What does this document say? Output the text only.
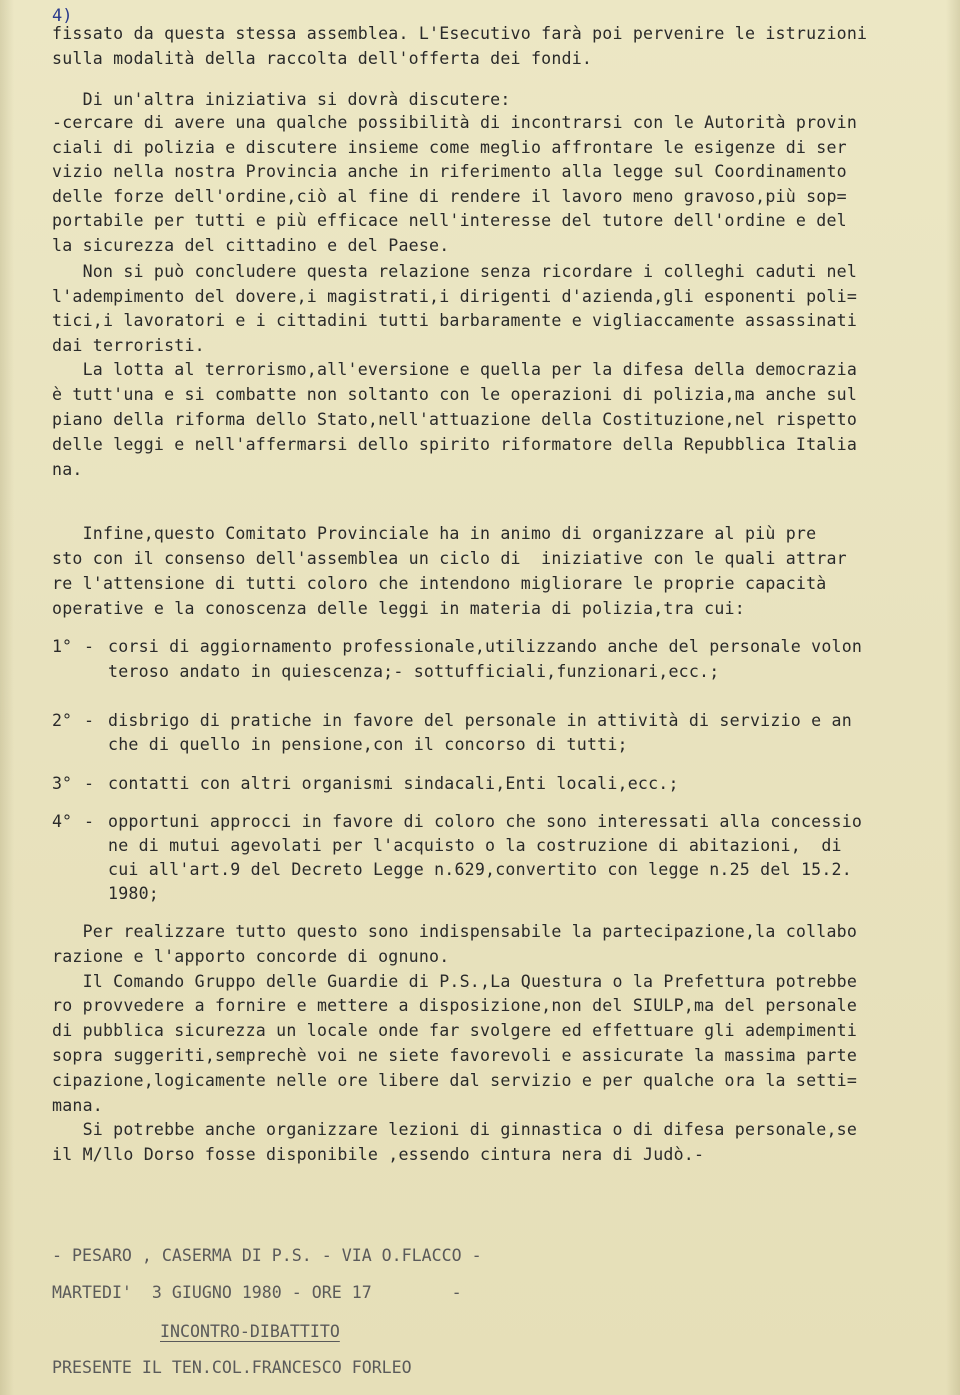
4)
fissato da questa stessa assemblea. L'Esecutivo farà poi pervenire le istruzioni
sulla modalità della raccolta dell'offerta dei fondi.
Di un'altra iniziativa si dovrà discutere:
-cercare di avere una qualche possibilità di incontrarsi con le Autorità provin
ciali di polizia e discutere insieme come meglio affrontare le esigenze di ser
vizio nella nostra Provincia anche in riferimento alla legge sul Coordinamento
delle forze dell'ordine,ciò al fine di rendere il lavoro meno gravoso,più sop=
portabile per tutti e più efficace nell'interesse del tutore dell'ordine e del
la sicurezza del cittadino e del Paese.
Non si può concludere questa relazione senza ricordare i colleghi caduti nel
l'adempimento del dovere,i magistrati,i dirigenti d'azienda,gli esponenti poli=
tici,i lavoratori e i cittadini tutti barbaramente e vigliaccamente assassinati
dai terroristi.
La lotta al terrorismo,all'eversione e quella per la difesa della democrazia
è tutt'una e si combatte non soltanto con le operazioni di polizia,ma anche sul
piano della riforma dello Stato,nell'attuazione della Costituzione,nel rispetto
delle leggi e nell'affermarsi dello spirito riformatore della Repubblica Italia
na.
Infine,questo Comitato Provinciale ha in animo di organizzare al più pre
sto con il consenso dell'assemblea un ciclo di  iniziative con le quali attrar
re l'attensione di tutti coloro che intendono migliorare le proprie capacità
operative e la conoscenza delle leggi in materia di polizia,tra cui:
1° - corsi di aggiornamento professionale,utilizzando anche del personale volon
teroso andato in quiescenza;- sottufficiali,funzionari,ecc.;
2° - disbrigo di pratiche in favore del personale in attività di servizio e an
che di quello in pensione,con il concorso di tutti;
3° - contatti con altri organismi sindacali,Enti locali,ecc.;
4° - opportuni approcci in favore di coloro che sono interessati alla concessio
ne di mutui agevolati per l'acquisto o la costruzione di abitazioni,  di
cui all'art.9 del Decreto Legge n.629,convertito con legge n.25 del 15.2.
1980;
Per realizzare tutto questo sono indispensabile la partecipazione,la collabo
razione e l'apporto concorde di ognuno.
Il Comando Gruppo delle Guardie di P.S.,La Questura o la Prefettura potrebbe
ro provvedere a fornire e mettere a disposizione,non del SIULP,ma del personale
di pubblica sicurezza un locale onde far svolgere ed effettuare gli adempimenti
sopra suggeriti,semprechè voi ne siete favorevoli e assicurate la massima parte
cipazione,logicamente nelle ore libere dal servizio e per qualche ora la setti=
mana.
Si potrebbe anche organizzare lezioni di ginnastica o di difesa personale,se
il M/llo Dorso fosse disponibile ,essendo cintura nera di Judò.-
- PESARO , CASERMA DI P.S. - VIA O.FLACCO -
MARTEDI'  3 GIUGNO 1980 - ORE 17        -
INCONTRO-DIBATTITO
PRESENTE IL TEN.COL.FRANCESCO FORLEO
